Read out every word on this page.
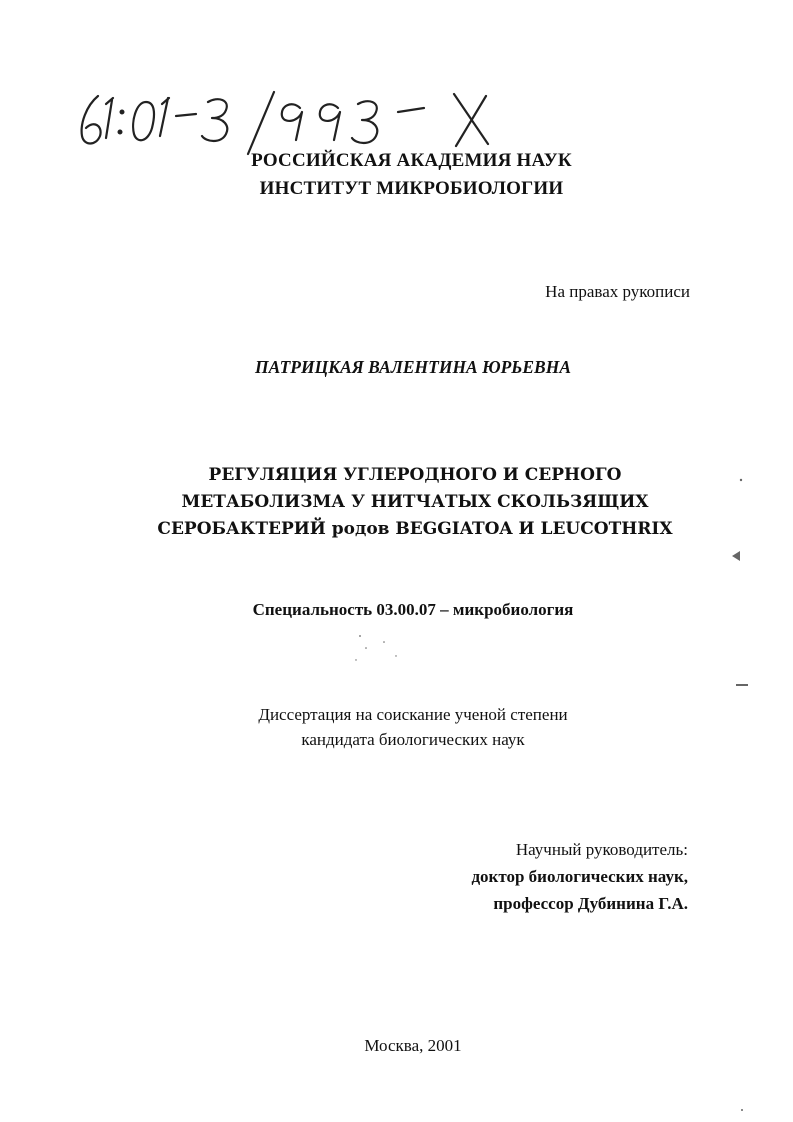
РОССИЙСКАЯ АКАДЕМИЯ НАУК
ИНСТИТУТ МИКРОБИОЛОГИИ
На правах рукописи
ПАТРИЦКАЯ ВАЛЕНТИНА ЮРЬЕВНА
РЕГУЛЯЦИЯ УГЛЕРОДНОГО И СЕРНОГО
МЕТАБОЛИЗМА У НИТЧАТЫХ СКОЛЬЗЯЩИХ
СЕРОБАКТЕРИЙ родов BEGGIATOA И LEUCOTHRIX
Специальность 03.00.07 – микробиология
Диссертация на соискание ученой степени
кандидата биологических наук
Научный руководитель:
доктор биологических наук,
профессор Дубинина Г.А.
Москва, 2001
